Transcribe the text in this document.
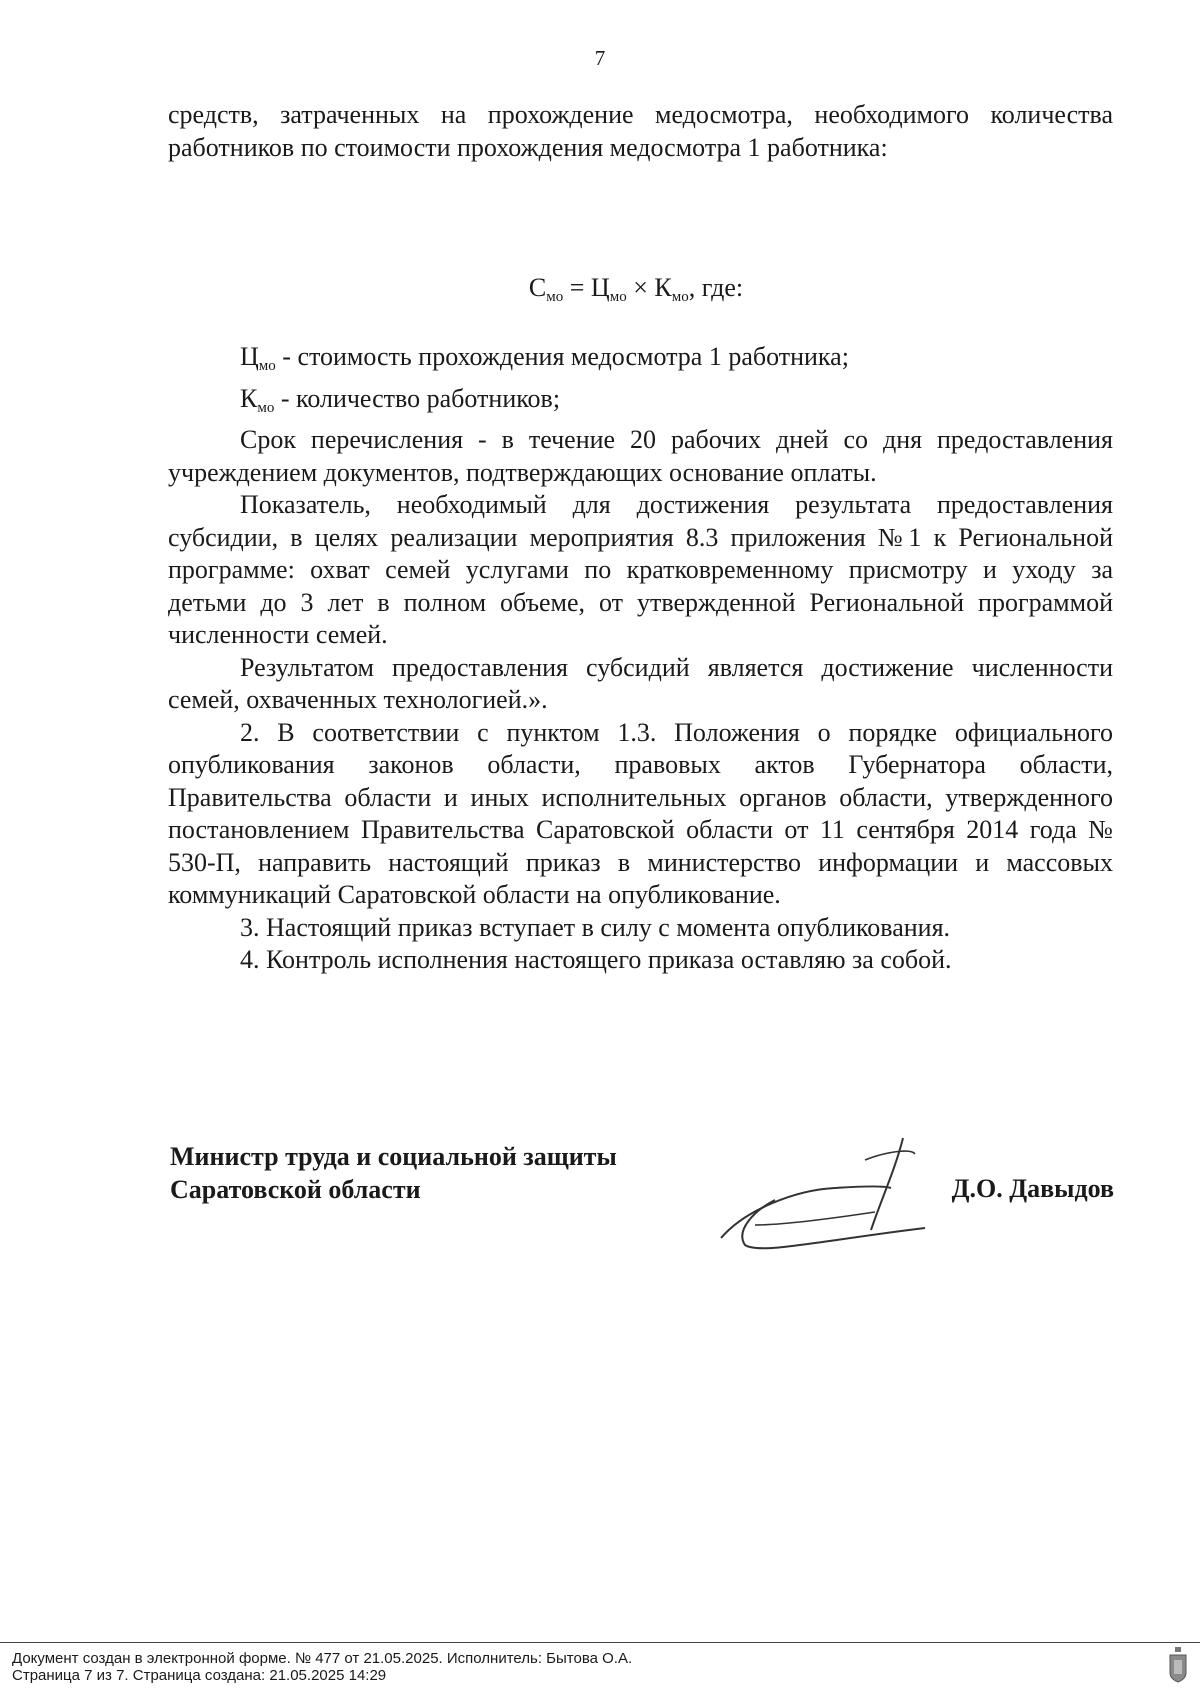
7

средств, затраченных на прохождение медосмотра, необходимого количества работников по стоимости прохождения медосмотра 1 работника:

$С_{мо} = Ц_{мо} \times К_{мо}$, где:

$Ц_{мо}$ - стоимость прохождения медосмотра 1 работника;

$К_{мо}$ - количество работников;

Срок перечисления - в течение 20 рабочих дней со дня предоставления учреждением документов, подтверждающих основание оплаты.

Показатель, необходимый для достижения результата предоставления субсидии, в целях реализации мероприятия 8.3 приложения №1 к Региональной программе: охват семей услугами по кратковременному присмотру и уходу за детьми до 3 лет в полном объеме, от утвержденной Региональной программой численности семей.

Результатом предоставления субсидий является достижение численности семей, охваченных технологией.».

2. В соответствии с пунктом 1.3. Положения о порядке официального опубликования законов области, правовых актов Губернатора области, Правительства области и иных исполнительных органов области, утвержденного постановлением Правительства Саратовской области от 11 сентября 2014 года № 530-П, направить настоящий приказ в министерство информации и массовых коммуникаций Саратовской области на опубликование.

3. Настоящий приказ вступает в силу с момента опубликования.

4. Контроль исполнения настоящего приказа оставляю за собой.

Министр труда и социальной защиты
Саратовской области	Д.О. Давыдов
Документ создан в электронной форме. № 477 от 21.05.2025. Исполнитель: Бытова О.А.
Страница 7 из 7. Страница создана: 21.05.2025 14:29
